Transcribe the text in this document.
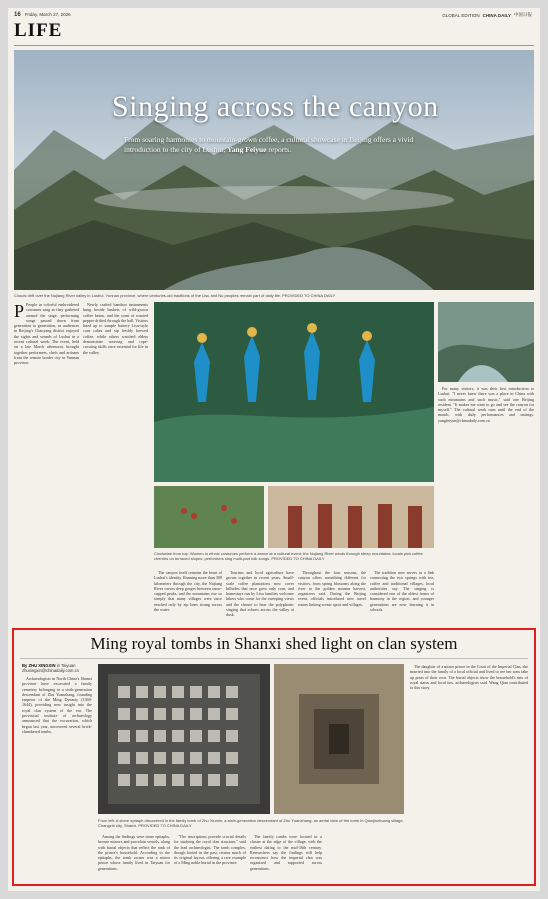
16 Friday, March 27, 2026	GLOBAL EDITION CHINA DAILY 中国日报
LIFE
Singing across the canyon
From soaring harmonies to mountain-grown coffee, a cultural showcase in Beijing offers a vivid introduction to the city of Lushui, Yang Feiyue reports.
Clouds drift over the Nujiang River valley in Lushui, Yunnan province, where centuries-old traditions of the Lisu and Nu peoples remain part of daily life. PROVIDED TO CHINA DAILY

P People in colorful embroidered costumes sang as they gathered around the stage, performing songs passed down from generation to generation, as audiences in Beijing's Chaoyang district enjoyed the sights and sounds of Lushui in a recent cultural week. The event, held on a late March afternoon, brought together performers, chefs and artisans from the remote border city in Yunnan province.

Newly crafted bamboo instruments hung beside baskets of wild-grown coffee beans, and the scent of roasted pepper drifted through the hall. Visitors lined up to sample buttery Lisu-style corn cakes and sip freshly brewed coffee, while others watched elders demonstrate weaving and rope-crossing skills once essential for life in the valley.

Clockwise from top: Women in ethnic costumes perform a dance at a cultural event; the Nujiang River winds through steep mountains; locals pick coffee cherries on terraced slopes; performers sing multi-part folk songs. PROVIDED TO CHINA DAILY

The canyon itself remains the heart of Lushui's identity. Running more than 300 kilometers through the city, the Nujiang River carves deep gorges between snow-capped peaks, and the mountains rise so steeply that many villages were once reached only by zip lines strung across the water.

Tourism and local agriculture have grown together in recent years. Small-scale coffee plantations now cover hillsides that once grew only corn, and homestays run by Lisu families welcome hikers who come for the sweeping views and the chance to hear the polyphonic singing that echoes across the valley at dusk.

Throughout the four seasons, the canyon offers something different for visitors, from spring blossoms along the river to the golden autumn harvest, organizers said. During the Beijing event, officials introduced new travel routes linking scenic spots and villages.

The tradition now serves as a link connecting the two springs with tea, coffee and traditional villages, local authorities say. The singing is considered one of the oldest forms of harmony in the region, and younger generations are now learning it in schools.

For many visitors, it was their first introduction to Lushui. "I never knew there was a place in China with such mountains and such music," said one Beijing resident. "It makes me want to go and see the canyon for myself." The cultural week runs until the end of the month, with daily performances and tastings. yangfeiyue@chinadaily.com.cn

Ming royal tombs in Shanxi shed light on clan system
By ZHU XINGXIN in Taiyuan
zhuxingxin@chinadaily.com.cn

Archaeologists in North China's Shanxi province have excavated a family cemetery belonging to a sixth-generation descendant of Zhu Yuanzhang, founding emperor of the Ming Dynasty (1368-1644), providing new insight into the royal clan system of the era. The provincial institute of archaeology announced that the excavation, which began last year, uncovered several brick-chambered tombs.

From left: A stone epitaph discovered in the family tomb of Zhu Xiumin, a sixth-generation descendant of Zhu Yuanzhang; an aerial view of the tomb in Qianjinzhuang village, Changzhi city, Shanxi. PROVIDED TO CHINA DAILY

Among the findings were stone epitaphs, bronze mirrors and porcelain vessels, along with burial objects that reflect the rank of the prince's household. According to the epitaphs, the tomb owner was a minor prince whose family lived in Taiyuan for generations.

"The inscriptions provide crucial details for studying the royal clan structure," said the lead archaeologist. The tomb complex, though looted in the past, retains much of its original layout, offering a rare example of a Ming noble burial in the province.

The family tombs were located in a cluster at the edge of the village, with the earliest dating to the mid-16th century. Researchers say the findings will help reconstruct how the imperial clan was organized and supported across generations.

The daughter of a minor prince in the Court of the Imperial Clan, she married into the family of a local official and lived to see her sons take up posts of their own. The burial objects show the household's mix of royal status and local ties, archaeologists said. Wang Qian contributed to this story.
